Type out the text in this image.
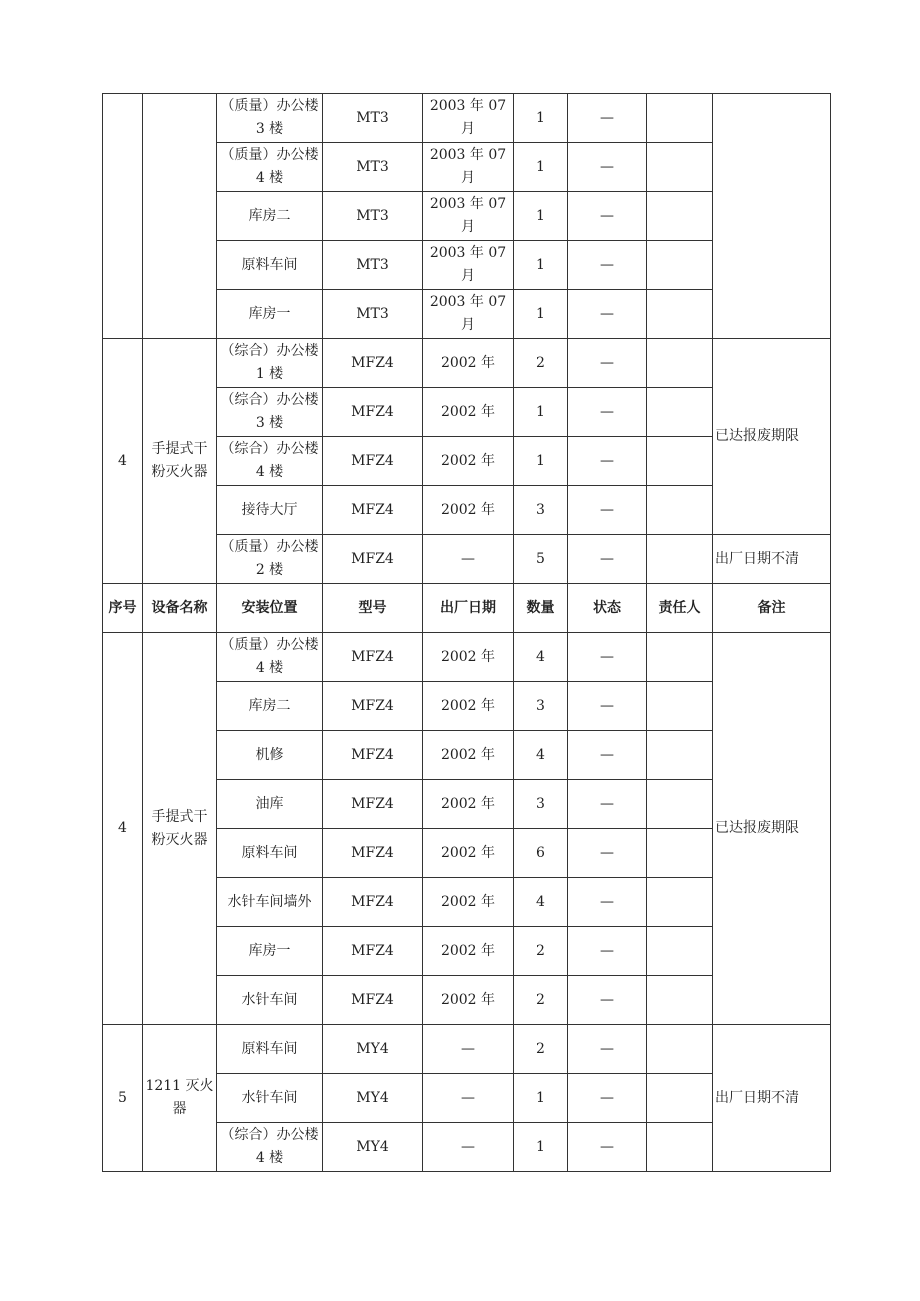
		（质量）办公楼 3 楼	MT3	2003 年 07 月	1	—		
		（质量）办公楼 4 楼	MT3	2003 年 07 月	1	—		
		库房二	MT3	2003 年 07 月	1	—		
		原料车间	MT3	2003 年 07 月	1	—		
		库房一	MT3	2003 年 07 月	1	—		
4	手提式干粉灭火器	（综合）办公楼 1 楼	MFZ4	2002 年	2	—		已达报废期限
		（综合）办公楼 3 楼	MFZ4	2002 年	1	—		
		（综合）办公楼 4 楼	MFZ4	2002 年	1	—		
		接待大厅	MFZ4	2002 年	3	—		
		（质量）办公楼 2 楼	MFZ4	—	5	—		出厂日期不清
序号	设备名称	安装位置	型号	出厂日期	数量	状态	责任人	备注
4	手提式干粉灭火器	（质量）办公楼 4 楼	MFZ4	2002 年	4	—		已达报废期限
		库房二	MFZ4	2002 年	3	—		
		机修	MFZ4	2002 年	4	—		
		油库	MFZ4	2002 年	3	—		
		原料车间	MFZ4	2002 年	6	—		
		水针车间墙外	MFZ4	2002 年	4	—		
		库房一	MFZ4	2002 年	2	—		
		水针车间	MFZ4	2002 年	2	—		
5	1211 灭火器	原料车间	MY4	—	2	—		出厂日期不清
		水针车间	MY4	—	1	—		
		（综合）办公楼 4 楼	MY4	—	1	—		
